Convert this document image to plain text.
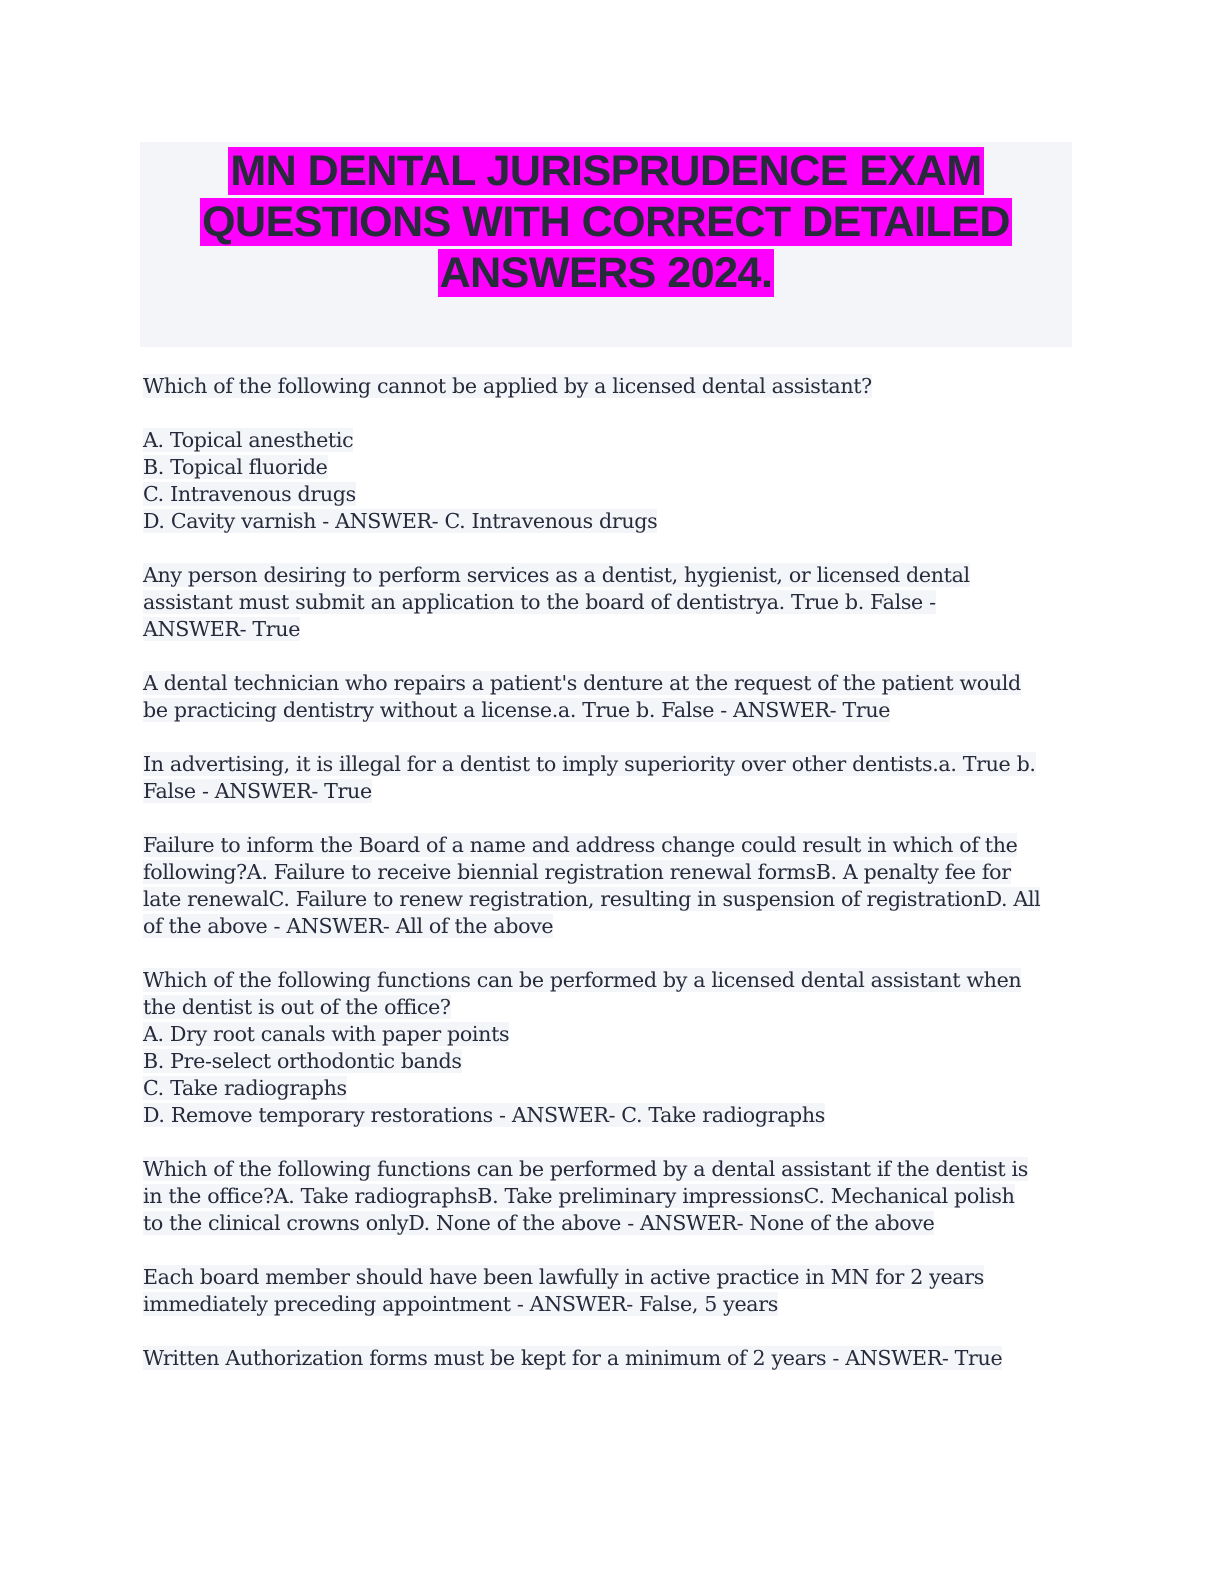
MN DENTAL JURISPRUDENCE EXAM
QUESTIONS WITH CORRECT DETAILED
ANSWERS 2024.
Which of the following cannot be applied by a licensed dental assistant?
A. Topical anesthetic
B. Topical fluoride
C. Intravenous drugs
D. Cavity varnish - ANSWER- C. Intravenous drugs
Any person desiring to perform services as a dentist, hygienist, or licensed dental
assistant must submit an application to the board of dentistrya. True b. False -
ANSWER- True
A dental technician who repairs a patient's denture at the request of the patient would
be practicing dentistry without a license.a. True b. False - ANSWER- True
In advertising, it is illegal for a dentist to imply superiority over other dentists.a. True b.
False - ANSWER- True
Failure to inform the Board of a name and address change could result in which of the
following?A. Failure to receive biennial registration renewal formsB. A penalty fee for
late renewalC. Failure to renew registration, resulting in suspension of registrationD. All
of the above - ANSWER- All of the above
Which of the following functions can be performed by a licensed dental assistant when
the dentist is out of the office?
A. Dry root canals with paper points
B. Pre-select orthodontic bands
C. Take radiographs
D. Remove temporary restorations - ANSWER- C. Take radiographs
Which of the following functions can be performed by a dental assistant if the dentist is
in the office?A. Take radiographsB. Take preliminary impressionsC. Mechanical polish
to the clinical crowns onlyD. None of the above - ANSWER- None of the above
Each board member should have been lawfully in active practice in MN for 2 years
immediately preceding appointment - ANSWER- False, 5 years
Written Authorization forms must be kept for a minimum of 2 years - ANSWER- True
